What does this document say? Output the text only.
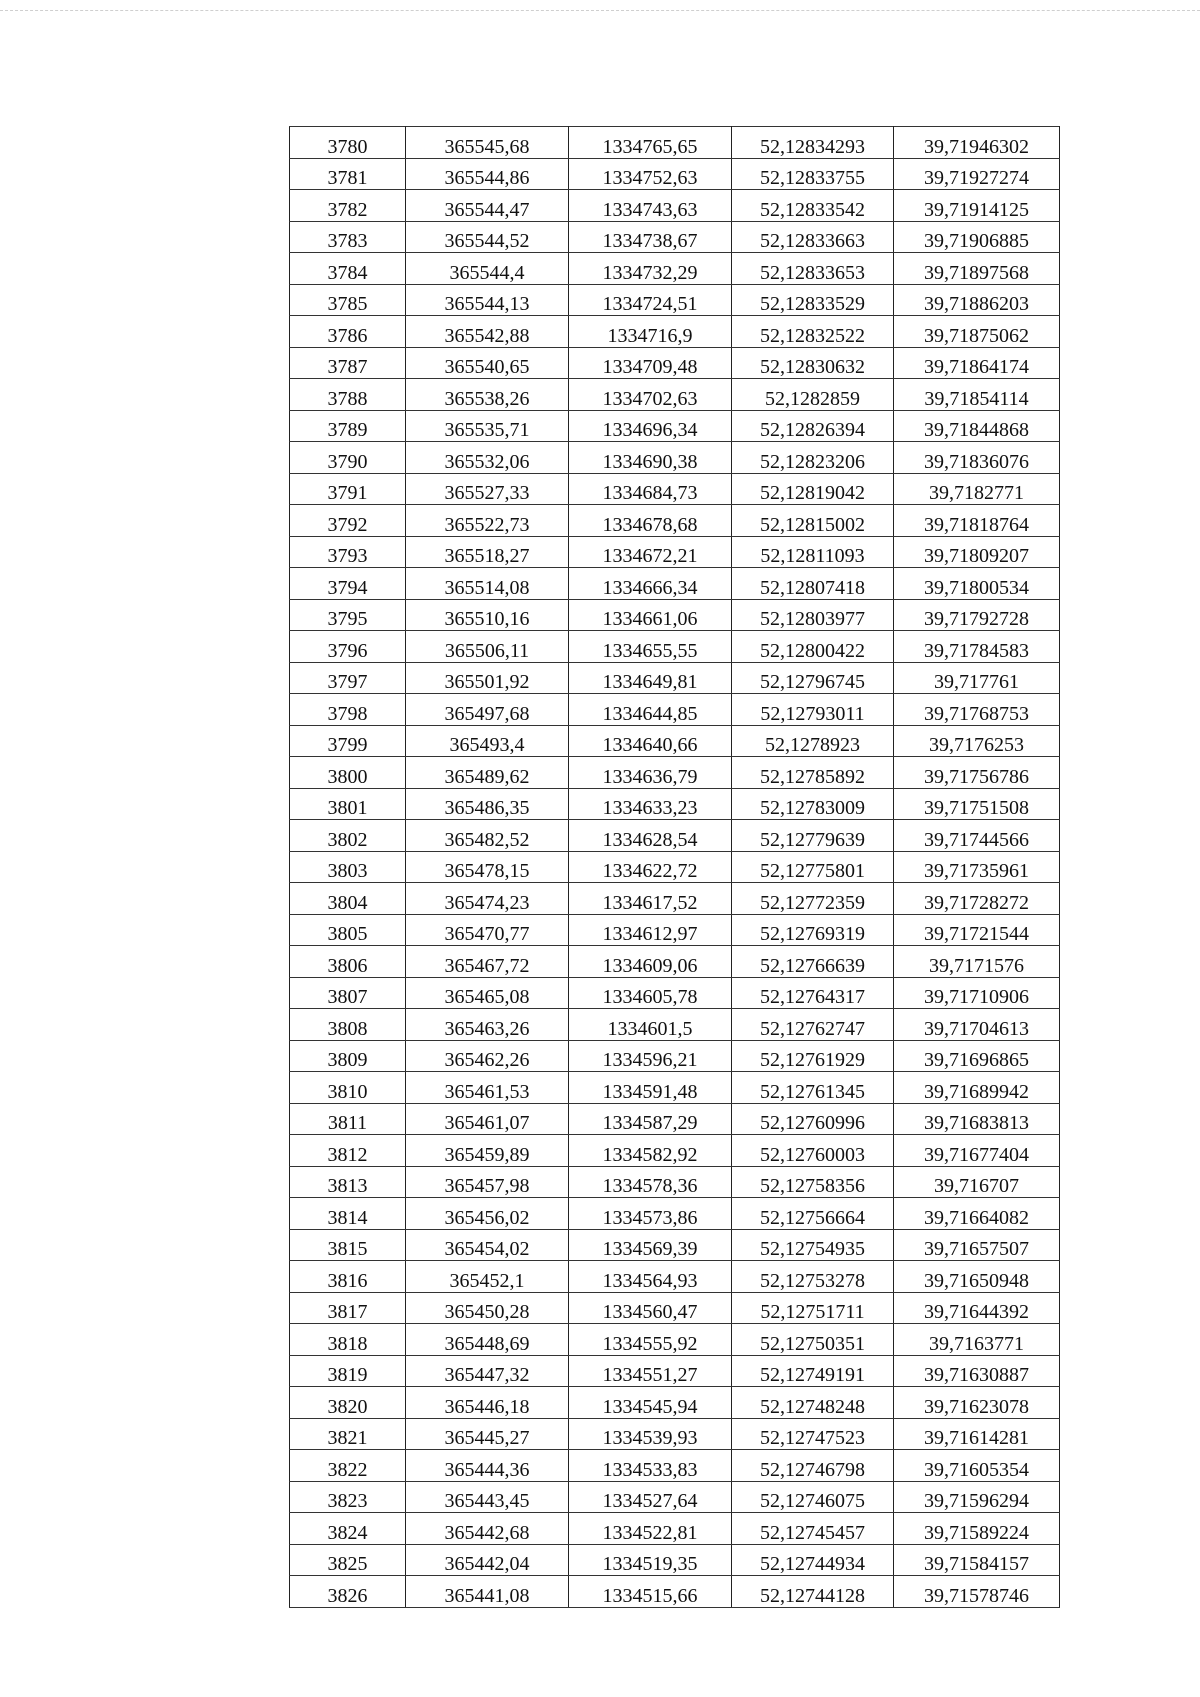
3780	365545,68	1334765,65	52,12834293	39,71946302
3781	365544,86	1334752,63	52,12833755	39,71927274
3782	365544,47	1334743,63	52,12833542	39,71914125
3783	365544,52	1334738,67	52,12833663	39,71906885
3784	365544,4	1334732,29	52,12833653	39,71897568
3785	365544,13	1334724,51	52,12833529	39,71886203
3786	365542,88	1334716,9	52,12832522	39,71875062
3787	365540,65	1334709,48	52,12830632	39,71864174
3788	365538,26	1334702,63	52,1282859	39,71854114
3789	365535,71	1334696,34	52,12826394	39,71844868
3790	365532,06	1334690,38	52,12823206	39,71836076
3791	365527,33	1334684,73	52,12819042	39,7182771
3792	365522,73	1334678,68	52,12815002	39,71818764
3793	365518,27	1334672,21	52,12811093	39,71809207
3794	365514,08	1334666,34	52,12807418	39,71800534
3795	365510,16	1334661,06	52,12803977	39,71792728
3796	365506,11	1334655,55	52,12800422	39,71784583
3797	365501,92	1334649,81	52,12796745	39,717761
3798	365497,68	1334644,85	52,12793011	39,71768753
3799	365493,4	1334640,66	52,1278923	39,7176253
3800	365489,62	1334636,79	52,12785892	39,71756786
3801	365486,35	1334633,23	52,12783009	39,71751508
3802	365482,52	1334628,54	52,12779639	39,71744566
3803	365478,15	1334622,72	52,12775801	39,71735961
3804	365474,23	1334617,52	52,12772359	39,71728272
3805	365470,77	1334612,97	52,12769319	39,71721544
3806	365467,72	1334609,06	52,12766639	39,7171576
3807	365465,08	1334605,78	52,12764317	39,71710906
3808	365463,26	1334601,5	52,12762747	39,71704613
3809	365462,26	1334596,21	52,12761929	39,71696865
3810	365461,53	1334591,48	52,12761345	39,71689942
3811	365461,07	1334587,29	52,12760996	39,71683813
3812	365459,89	1334582,92	52,12760003	39,71677404
3813	365457,98	1334578,36	52,12758356	39,716707
3814	365456,02	1334573,86	52,12756664	39,71664082
3815	365454,02	1334569,39	52,12754935	39,71657507
3816	365452,1	1334564,93	52,12753278	39,71650948
3817	365450,28	1334560,47	52,12751711	39,71644392
3818	365448,69	1334555,92	52,12750351	39,7163771
3819	365447,32	1334551,27	52,12749191	39,71630887
3820	365446,18	1334545,94	52,12748248	39,71623078
3821	365445,27	1334539,93	52,12747523	39,71614281
3822	365444,36	1334533,83	52,12746798	39,71605354
3823	365443,45	1334527,64	52,12746075	39,71596294
3824	365442,68	1334522,81	52,12745457	39,71589224
3825	365442,04	1334519,35	52,12744934	39,71584157
3826	365441,08	1334515,66	52,12744128	39,71578746
